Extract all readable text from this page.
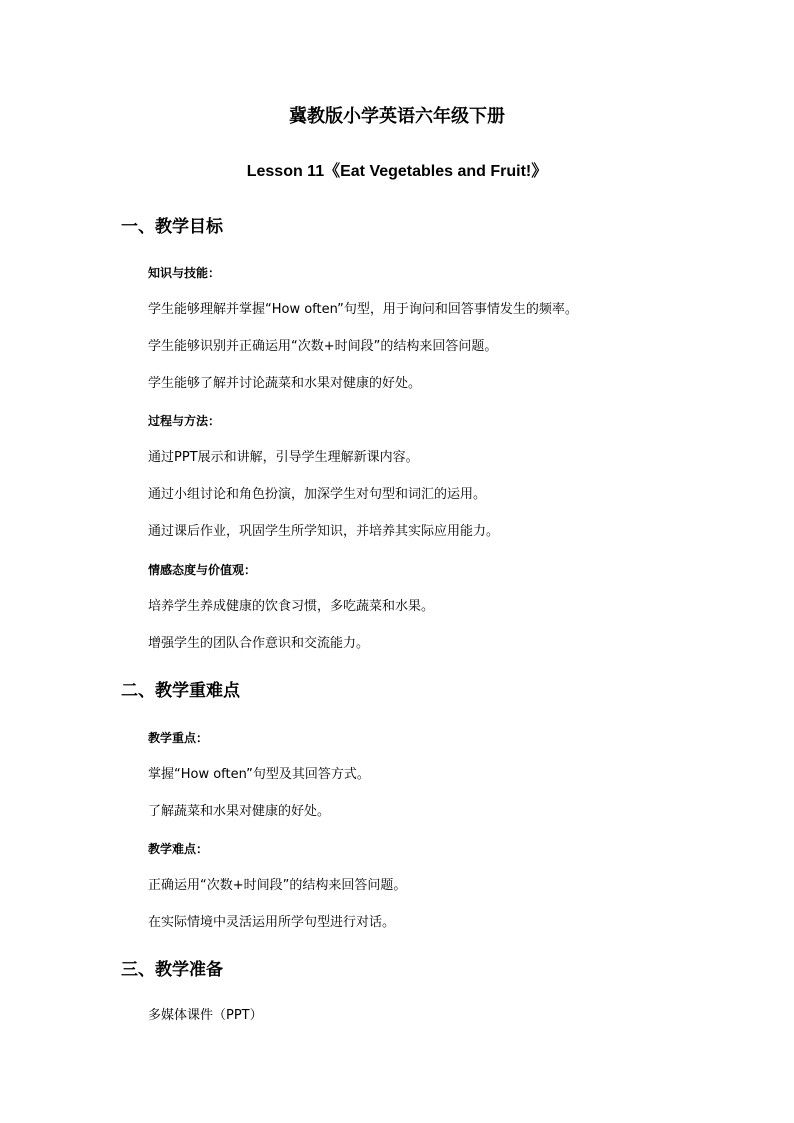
冀教版小学英语六年级下册
Lesson 11《Eat Vegetables and Fruit!》
一、教学目标
知识与技能：
学生能够理解并掌握“How often”句型，用于询问和回答事情发生的频率。
学生能够识别并正确运用“次数+时间段”的结构来回答问题。
学生能够了解并讨论蔬菜和水果对健康的好处。
过程与方法：
通过PPT展示和讲解，引导学生理解新课内容。
通过小组讨论和角色扮演，加深学生对句型和词汇的运用。
通过课后作业，巩固学生所学知识，并培养其实际应用能力。
情感态度与价值观：
培养学生养成健康的饮食习惯，多吃蔬菜和水果。
增强学生的团队合作意识和交流能力。
二、教学重难点
教学重点：
掌握“How often”句型及其回答方式。
了解蔬菜和水果对健康的好处。
教学难点：
正确运用“次数+时间段”的结构来回答问题。
在实际情境中灵活运用所学句型进行对话。
三、教学准备
多媒体课件（PPT）
